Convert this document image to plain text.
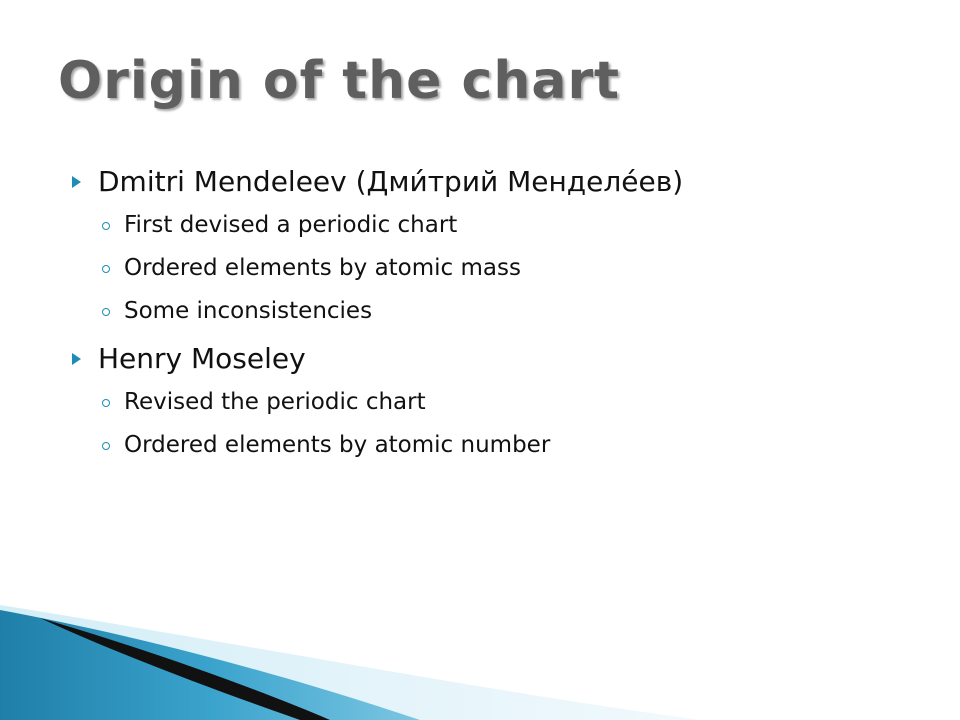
Origin of the chart
Dmitri Mendeleev (Дми́трий Менделе́ев)
First devised a periodic chart
Ordered elements by atomic mass
Some inconsistencies
Henry Moseley
Revised the periodic chart
Ordered elements by atomic number
